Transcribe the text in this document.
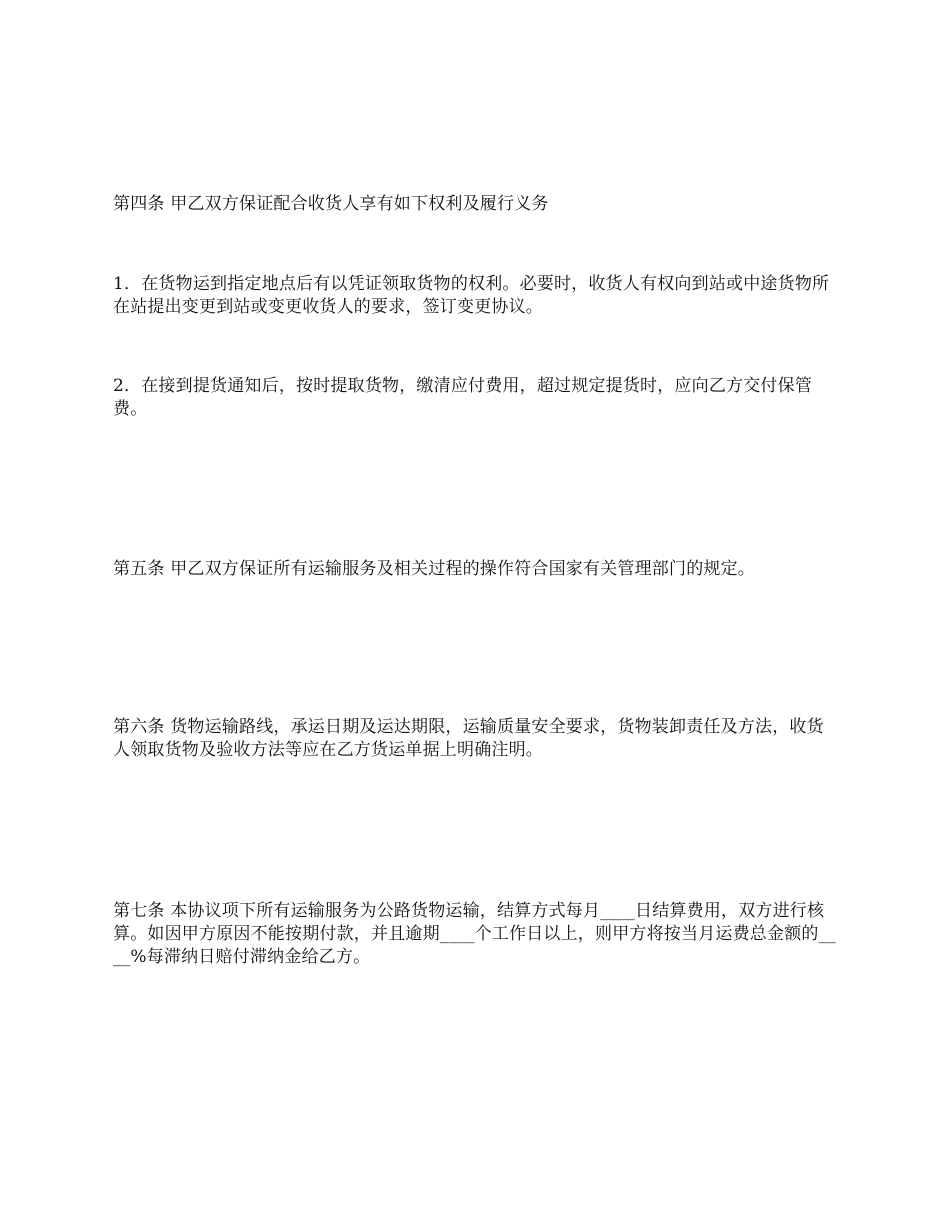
第四条 甲乙双方保证配合收货人享有如下权利及履行义务

1．在货物运到指定地点后有以凭证领取货物的权利。必要时，收货人有权向到站或中途货物所在站提出变更到站或变更收货人的要求，签订变更协议。

2．在接到提货通知后，按时提取货物，缴清应付费用，超过规定提货时，应向乙方交付保管费。

第五条 甲乙双方保证所有运输服务及相关过程的操作符合国家有关管理部门的规定。

第六条 货物运输路线，承运日期及运达期限，运输质量安全要求，货物装卸责任及方法，收货人领取货物及验收方法等应在乙方货运单据上明确注明。

第七条 本协议项下所有运输服务为公路货物运输，结算方式每月____日结算费用，双方进行核算。如因甲方原因不能按期付款，并且逾期____个工作日以上，则甲方将按当月运费总金额的____%每滞纳日赔付滞纳金给乙方。
